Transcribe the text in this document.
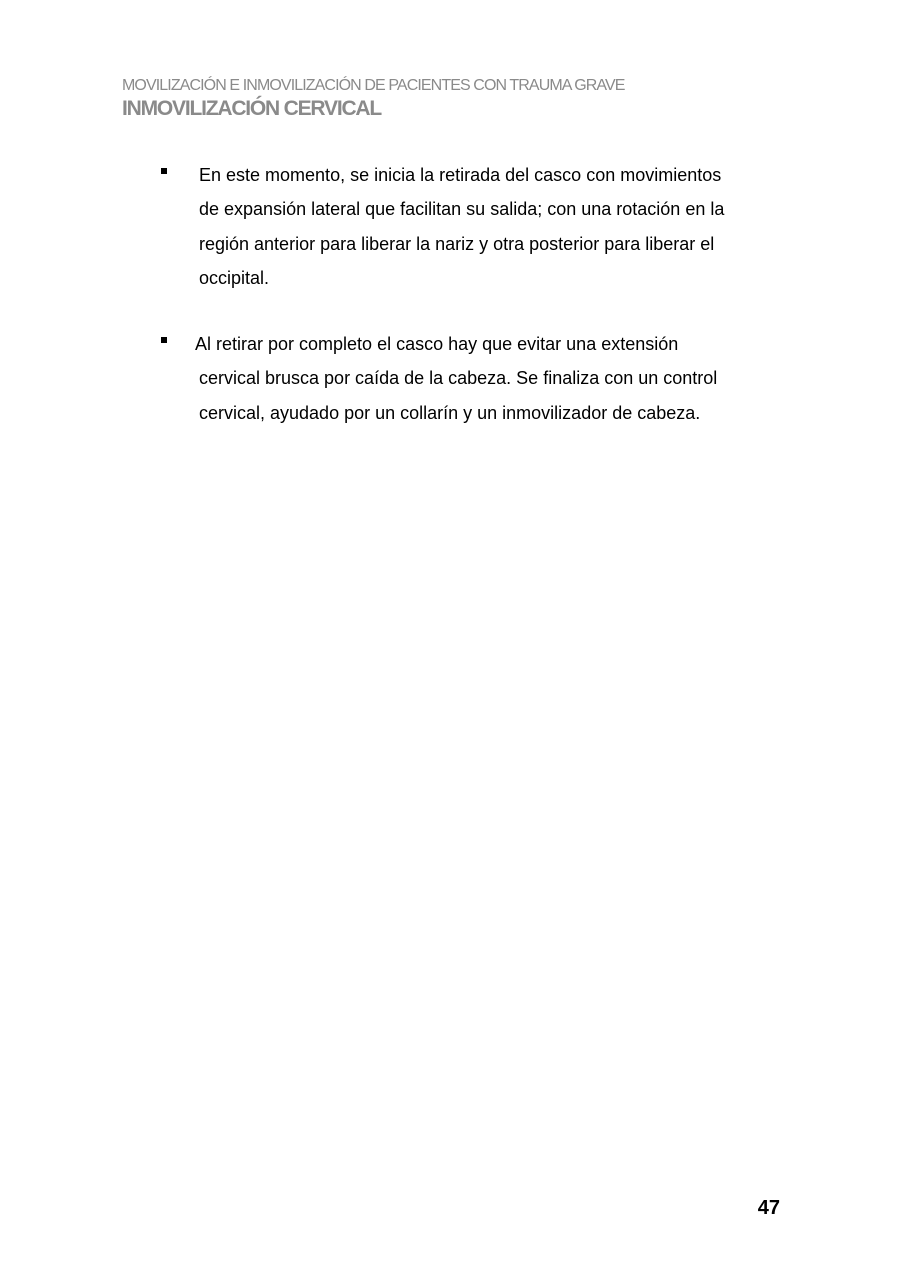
MOVILIZACIÓN E INMOVILIZACIÓN DE PACIENTES CON TRAUMA GRAVE
INMOVILIZACIÓN CERVICAL
En este momento, se inicia la retirada del casco con movimientos
de expansión lateral que facilitan su salida; con una rotación en la
región anterior para liberar la nariz y otra posterior para liberar el
occipital.
Al retirar por completo el casco hay que evitar una extensión
cervical brusca por caída de la cabeza. Se finaliza con un control
cervical, ayudado por un collarín y un inmovilizador de cabeza.
47
